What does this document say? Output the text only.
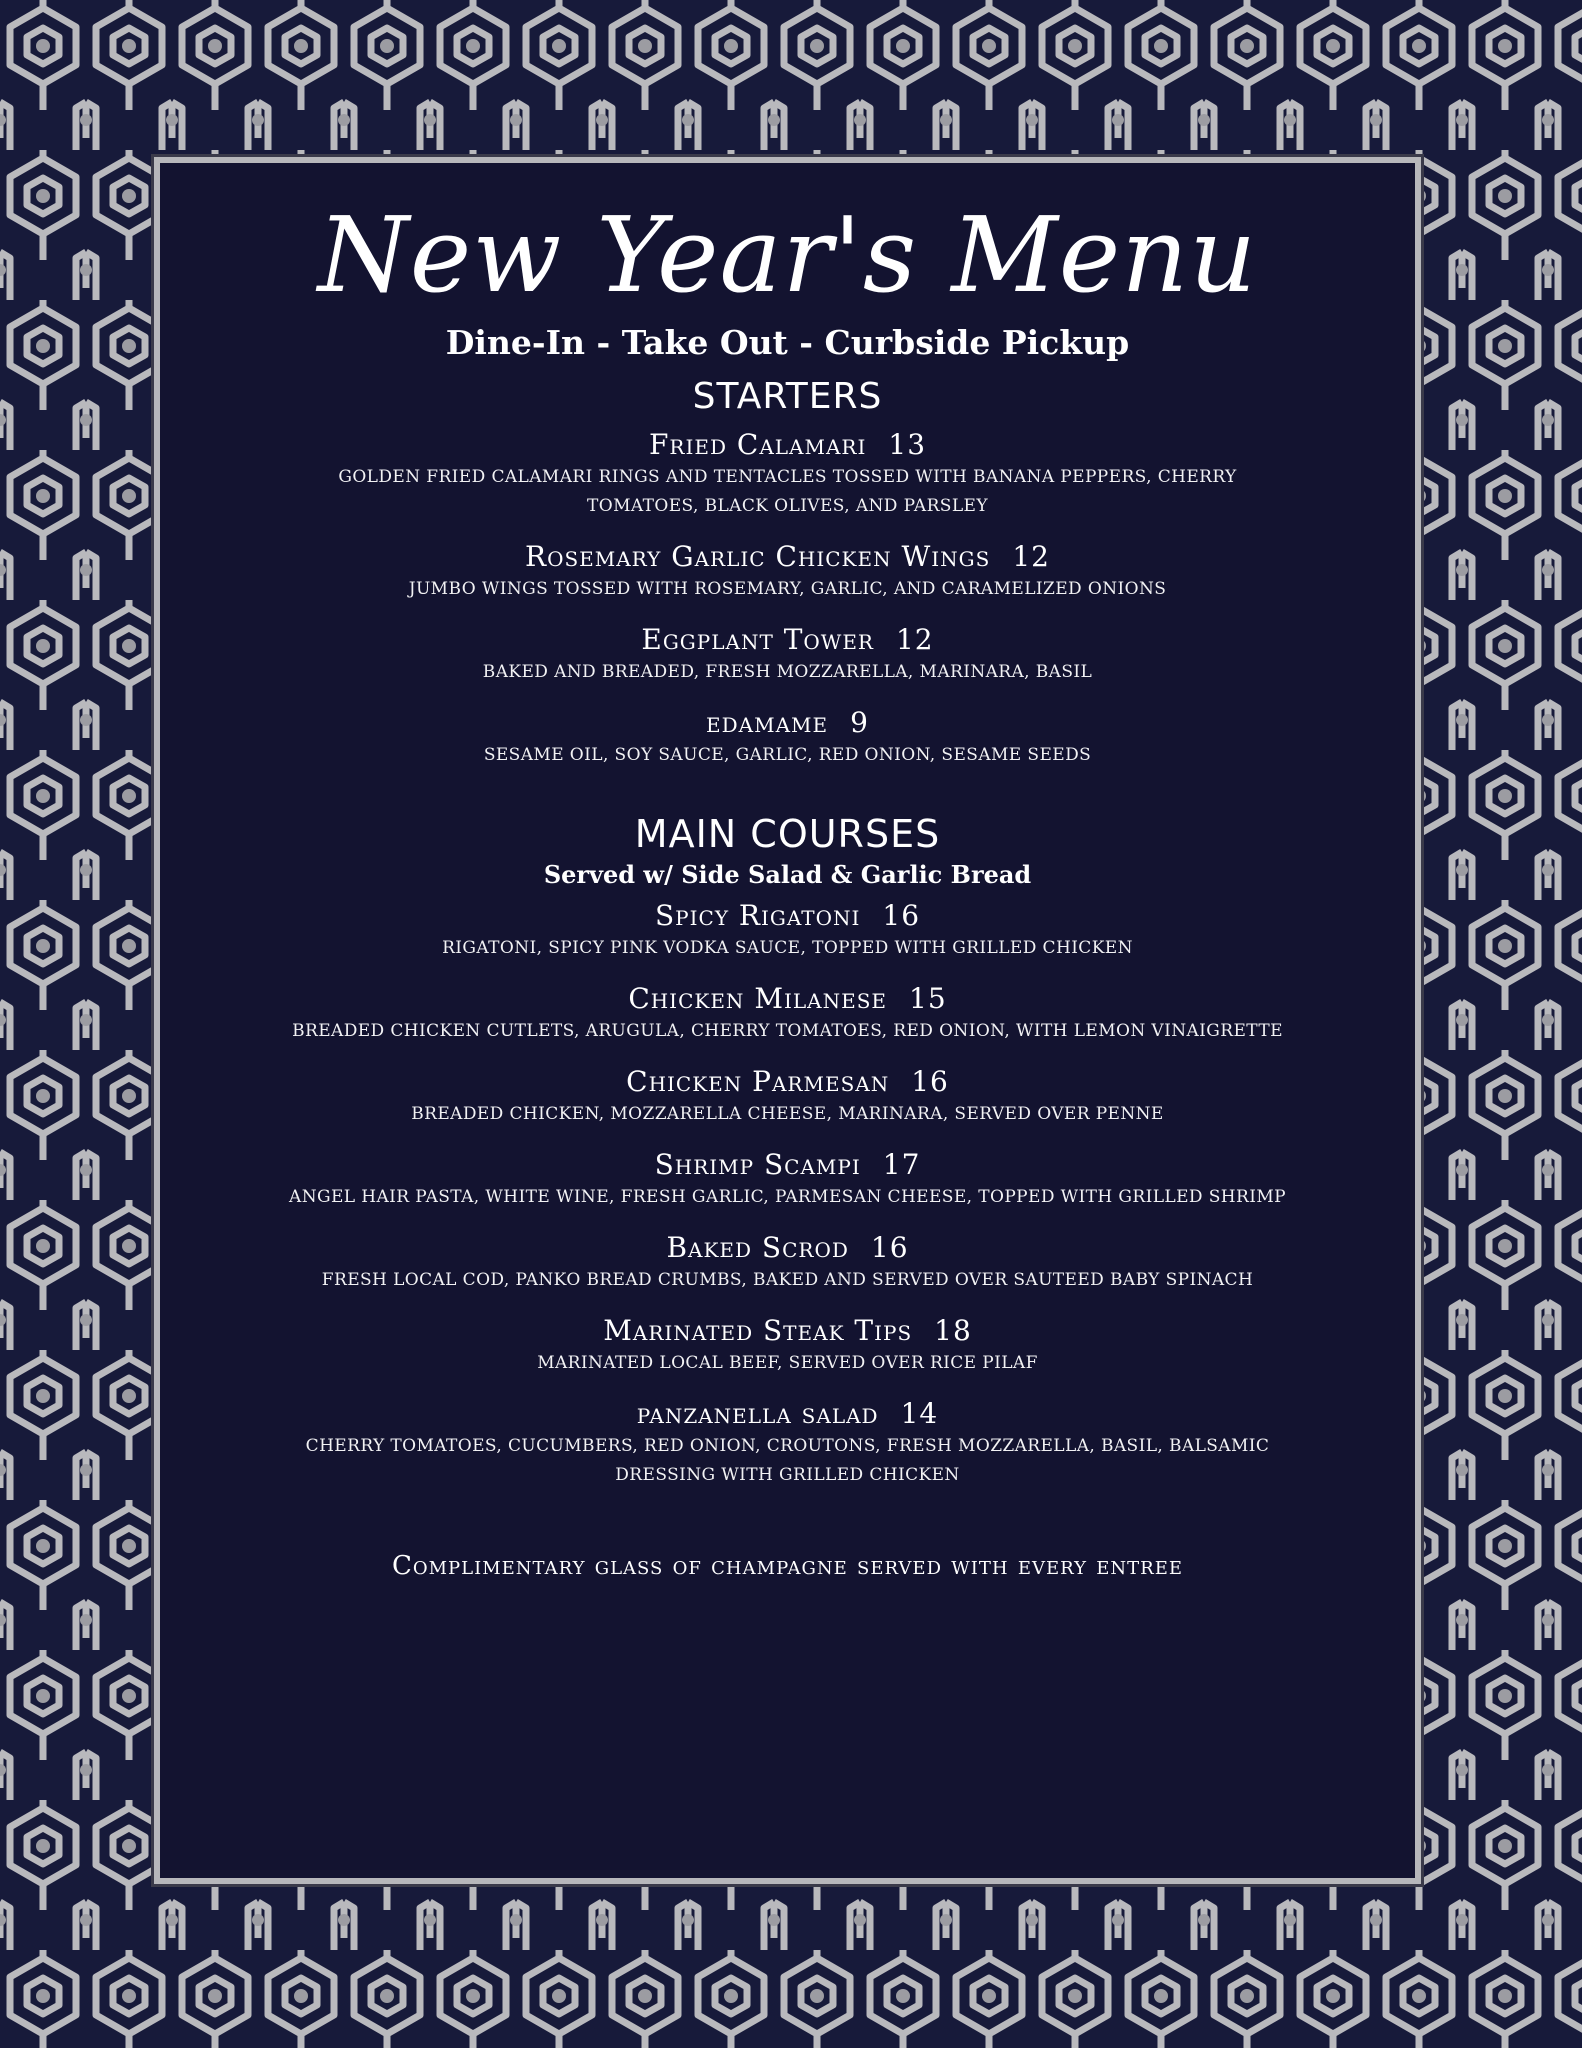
New Year's Menu
Dine-In - Take Out - Curbside Pickup
STARTERS
Fried Calamari 13
GOLDEN FRIED CALAMARI RINGS AND TENTACLES TOSSED WITH BANANA PEPPERS, CHERRY TOMATOES, BLACK OLIVES, AND PARSLEY
Rosemary Garlic Chicken Wings 12
JUMBO WINGS TOSSED WITH ROSEMARY, GARLIC, AND CARAMELIZED ONIONS
Eggplant Tower 12
BAKED AND BREADED, FRESH MOZZARELLA, MARINARA, BASIL
edamame 9
SESAME OIL, SOY SAUCE, GARLIC, RED ONION, SESAME SEEDS
MAIN COURSES
Served w/ Side Salad & Garlic Bread
Spicy Rigatoni 16
RIGATONI, SPICY PINK VODKA SAUCE, TOPPED WITH GRILLED CHICKEN
Chicken Milanese 15
BREADED CHICKEN CUTLETS, ARUGULA, CHERRY TOMATOES, RED ONION, WITH LEMON VINAIGRETTE
Chicken Parmesan 16
BREADED CHICKEN, MOZZARELLA CHEESE, MARINARA, SERVED OVER PENNE
Shrimp Scampi 17
ANGEL HAIR PASTA, WHITE WINE, FRESH GARLIC, PARMESAN CHEESE, TOPPED WITH GRILLED SHRIMP
Baked Scrod 16
FRESH LOCAL COD, PANKO BREAD CRUMBS, BAKED AND SERVED OVER SAUTEED BABY SPINACH
Marinated Steak Tips 18
MARINATED LOCAL BEEF, SERVED OVER RICE PILAF
panzanella salad 14
CHERRY TOMATOES, CUCUMBERS, RED ONION, CROUTONS, FRESH MOZZARELLA, BASIL, BALSAMIC DRESSING WITH GRILLED CHICKEN
Complimentary glass of champagne served with every entree
